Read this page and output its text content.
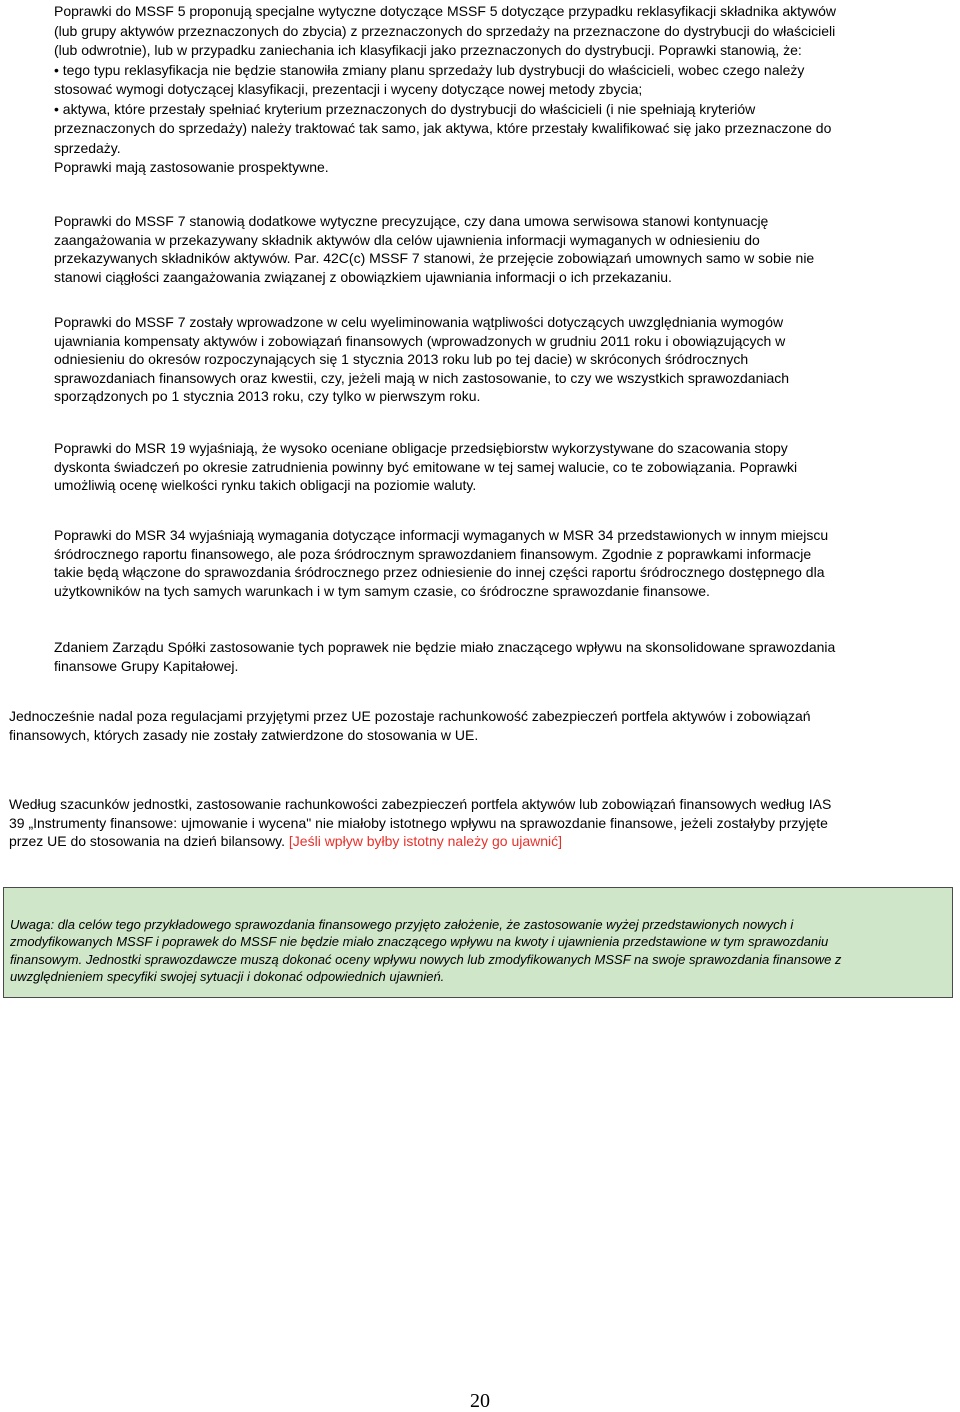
Poprawki do MSSF 5 proponują specjalne wytyczne dotyczące MSSF 5 dotyczące przypadku reklasyfikacji składnika aktywów
(lub grupy aktywów przeznaczonych do zbycia) z przeznaczonych do sprzedaży na przeznaczone do dystrybucji do właścicieli
(lub odwrotnie), lub w przypadku zaniechania ich klasyfikacji jako przeznaczonych do dystrybucji. Poprawki stanowią, że:
• tego typu reklasyfikacja nie będzie stanowiła zmiany planu sprzedaży lub dystrybucji do właścicieli, wobec czego należy
stosować wymogi dotyczącej klasyfikacji, prezentacji i wyceny dotyczące nowej metody zbycia;
• aktywa, które przestały spełniać kryterium przeznaczonych do dystrybucji do właścicieli (i nie spełniają kryteriów
przeznaczonych do sprzedaży) należy traktować tak samo, jak aktywa, które przestały kwalifikować się jako przeznaczone do
sprzedaży.
Poprawki mają zastosowanie prospektywne.
Poprawki do MSSF 7 stanowią dodatkowe wytyczne precyzujące, czy dana umowa serwisowa stanowi kontynuację
zaangażowania w przekazywany składnik aktywów dla celów ujawnienia informacji wymaganych w odniesieniu do
przekazywanych składników aktywów. Par. 42C(c) MSSF 7 stanowi, że przejęcie zobowiązań umownych samo w sobie nie
stanowi ciągłości zaangażowania związanej z obowiązkiem ujawniania informacji o ich przekazaniu.
Poprawki do MSSF 7 zostały wprowadzone w celu wyeliminowania wątpliwości dotyczących uwzględniania wymogów
ujawniania kompensaty aktywów i zobowiązań finansowych (wprowadzonych w grudniu 2011 roku i obowiązujących w
odniesieniu do okresów rozpoczynających się 1 stycznia 2013 roku lub po tej dacie) w skróconych śródrocznych
sprawozdaniach finansowych oraz kwestii, czy, jeżeli mają w nich zastosowanie, to czy we wszystkich sprawozdaniach
sporządzonych po 1 stycznia 2013 roku, czy tylko w pierwszym roku.
Poprawki do MSR 19 wyjaśniają, że wysoko oceniane obligacje przedsiębiorstw wykorzystywane do szacowania stopy
dyskonta świadczeń po okresie zatrudnienia powinny być emitowane w tej samej walucie, co te zobowiązania. Poprawki
umożliwią ocenę wielkości rynku takich obligacji na poziomie waluty.
Poprawki do MSR 34 wyjaśniają wymagania dotyczące informacji wymaganych w MSR 34 przedstawionych w innym miejscu
śródrocznego raportu finansowego, ale poza śródrocznym sprawozdaniem finansowym. Zgodnie z poprawkami informacje
takie będą włączone do sprawozdania śródrocznego przez odniesienie do innej części raportu śródrocznego dostępnego dla
użytkowników na tych samych warunkach i w tym samym czasie, co śródroczne sprawozdanie finansowe.
Zdaniem Zarządu Spółki zastosowanie tych poprawek nie będzie miało znaczącego wpływu na skonsolidowane sprawozdania
finansowe Grupy Kapitałowej.
Jednocześnie nadal poza regulacjami przyjętymi przez UE pozostaje rachunkowość zabezpieczeń portfela aktywów i zobowiązań
finansowych, których zasady nie zostały zatwierdzone do stosowania w UE.
Według szacunków jednostki, zastosowanie rachunkowości zabezpieczeń portfela aktywów lub zobowiązań finansowych według IAS
39 „Instrumenty finansowe: ujmowanie i wycena" nie miałoby istotnego wpływu na sprawozdanie finansowe, jeżeli zostałyby przyjęte
przez UE do stosowania na dzień bilansowy. [Jeśli wpływ byłby istotny należy go ujawnić]
Uwaga: dla celów tego przykładowego sprawozdania finansowego przyjęto założenie, że zastosowanie wyżej przedstawionych nowych i
zmodyfikowanych MSSF i poprawek do MSSF nie będzie miało znaczącego wpływu na kwoty i ujawnienia przedstawione w tym sprawozdaniu
finansowym. Jednostki sprawozdawcze muszą dokonać oceny wpływu nowych lub zmodyfikowanych MSSF na swoje sprawozdania finansowe z
uwzględnieniem specyfiki swojej sytuacji i dokonać odpowiednich ujawnień.
20
